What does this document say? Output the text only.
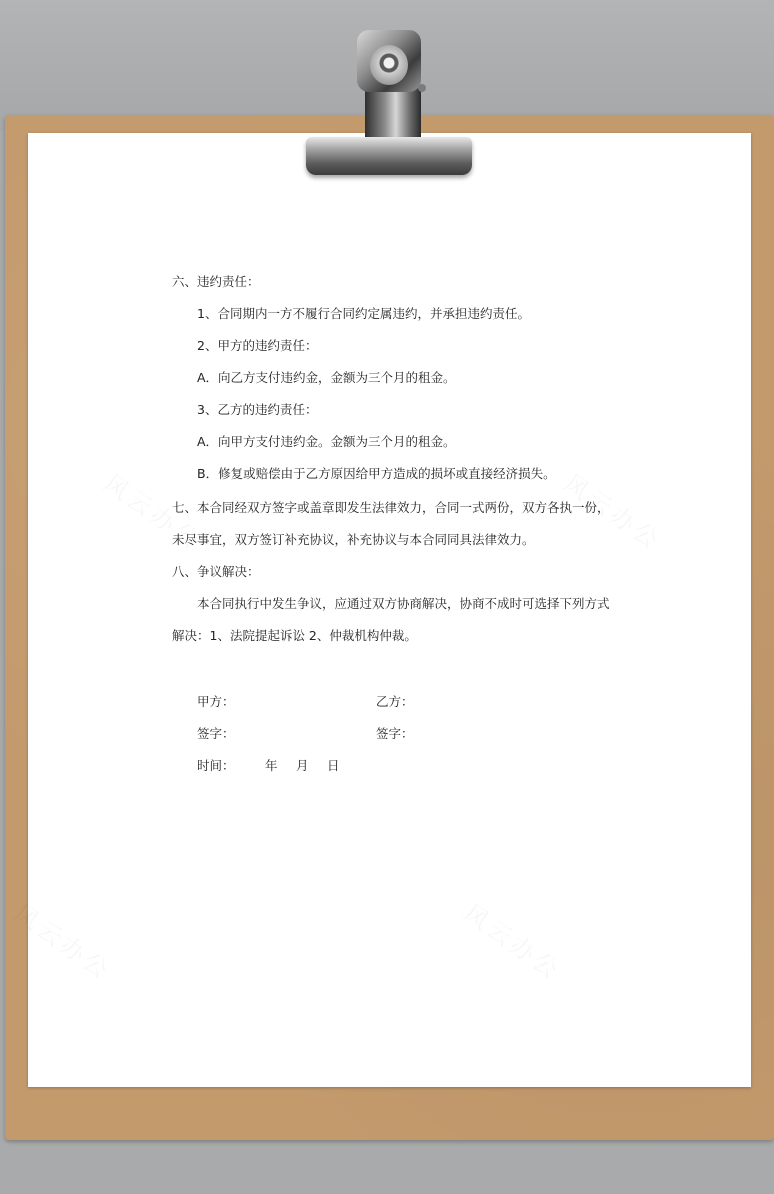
六、违约责任：
1、合同期内一方不履行合同约定属违约，并承担违约责任。
2、甲方的违约责任：
A．向乙方支付违约金，金额为三个月的租金。
3、乙方的违约责任：
A．向甲方支付违约金。金额为三个月的租金。
B．修复或赔偿由于乙方原因给甲方造成的损坏或直接经济损失。
七、本合同经双方签字或盖章即发生法律效力，合同一式两份，双方各执一份，
未尽事宜，双方签订补充协议，补充协议与本合同同具法律效力。
八、争议解决：
本合同执行中发生争议，应通过双方协商解决，协商不成时可选择下列方式
解决：1、法院提起诉讼 2、仲裁机构仲裁。
甲方：	乙方：
签字：	签字：
时间： 年 月 日
